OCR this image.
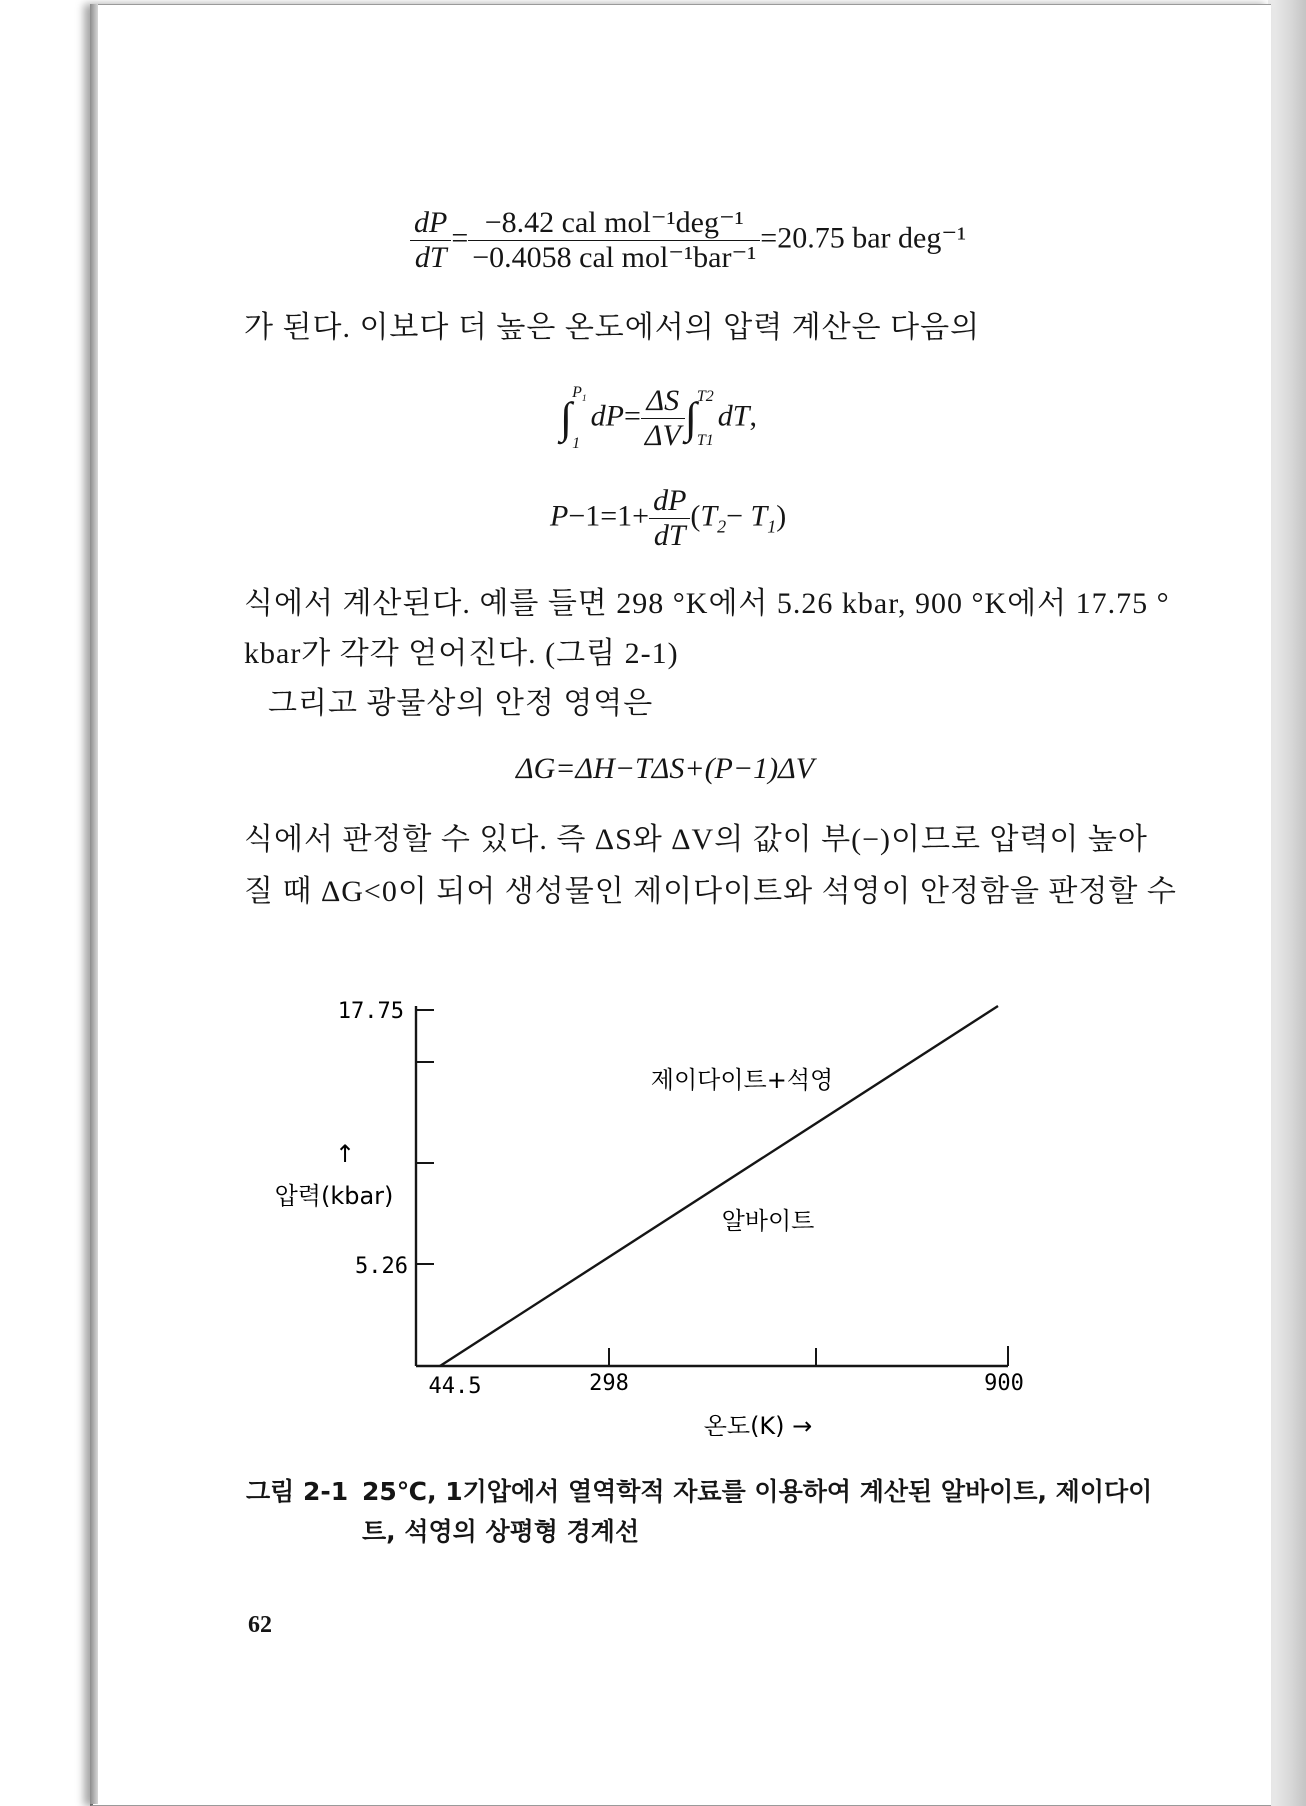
$\frac{dP}{dT} = \frac{\text{−8.42 cal mol⁻¹deg⁻¹}}{\text{−0.4058 cal mol⁻¹bar⁻¹}} =20.75$ bar deg⁻¹
가 된다. 이보다 더 높은 온도에서의 압력 계산은 다음의
∫
$P_1$
1
$dP= \frac{\Delta S}{\Delta V}$ ∫ T2
T1
dT,
$P-1=1+ \frac{dP}{dT} (T_2- T_1)$
식에서 계산된다. 예를 들면 298 °K에서 5.26 kbar, 900 °K에서 17.75 °
kbar가 각각 얻어진다. (그림 2-1)
그리고 광물상의 안정 영역은
ΔG=ΔH−TΔS+(P−1)ΔV
식에서 판정할 수 있다. 즉 ΔS와 ΔV의 값이 부(−)이므로 압력이 높아
질 때 ΔG<0이 되어 생성물인 제이다이트와 석영이 안정함을 판정할 수
17.75
5.26
44.5	298	900
↑
압력(kbar)
온도(K) →
제이다이트+석영
알바이트
그림 2-1 25℃, 1기압에서 열역학적 자료를 이용하여 계산된 알바이트, 제이다이
트, 석영의 상평형 경계선
62
